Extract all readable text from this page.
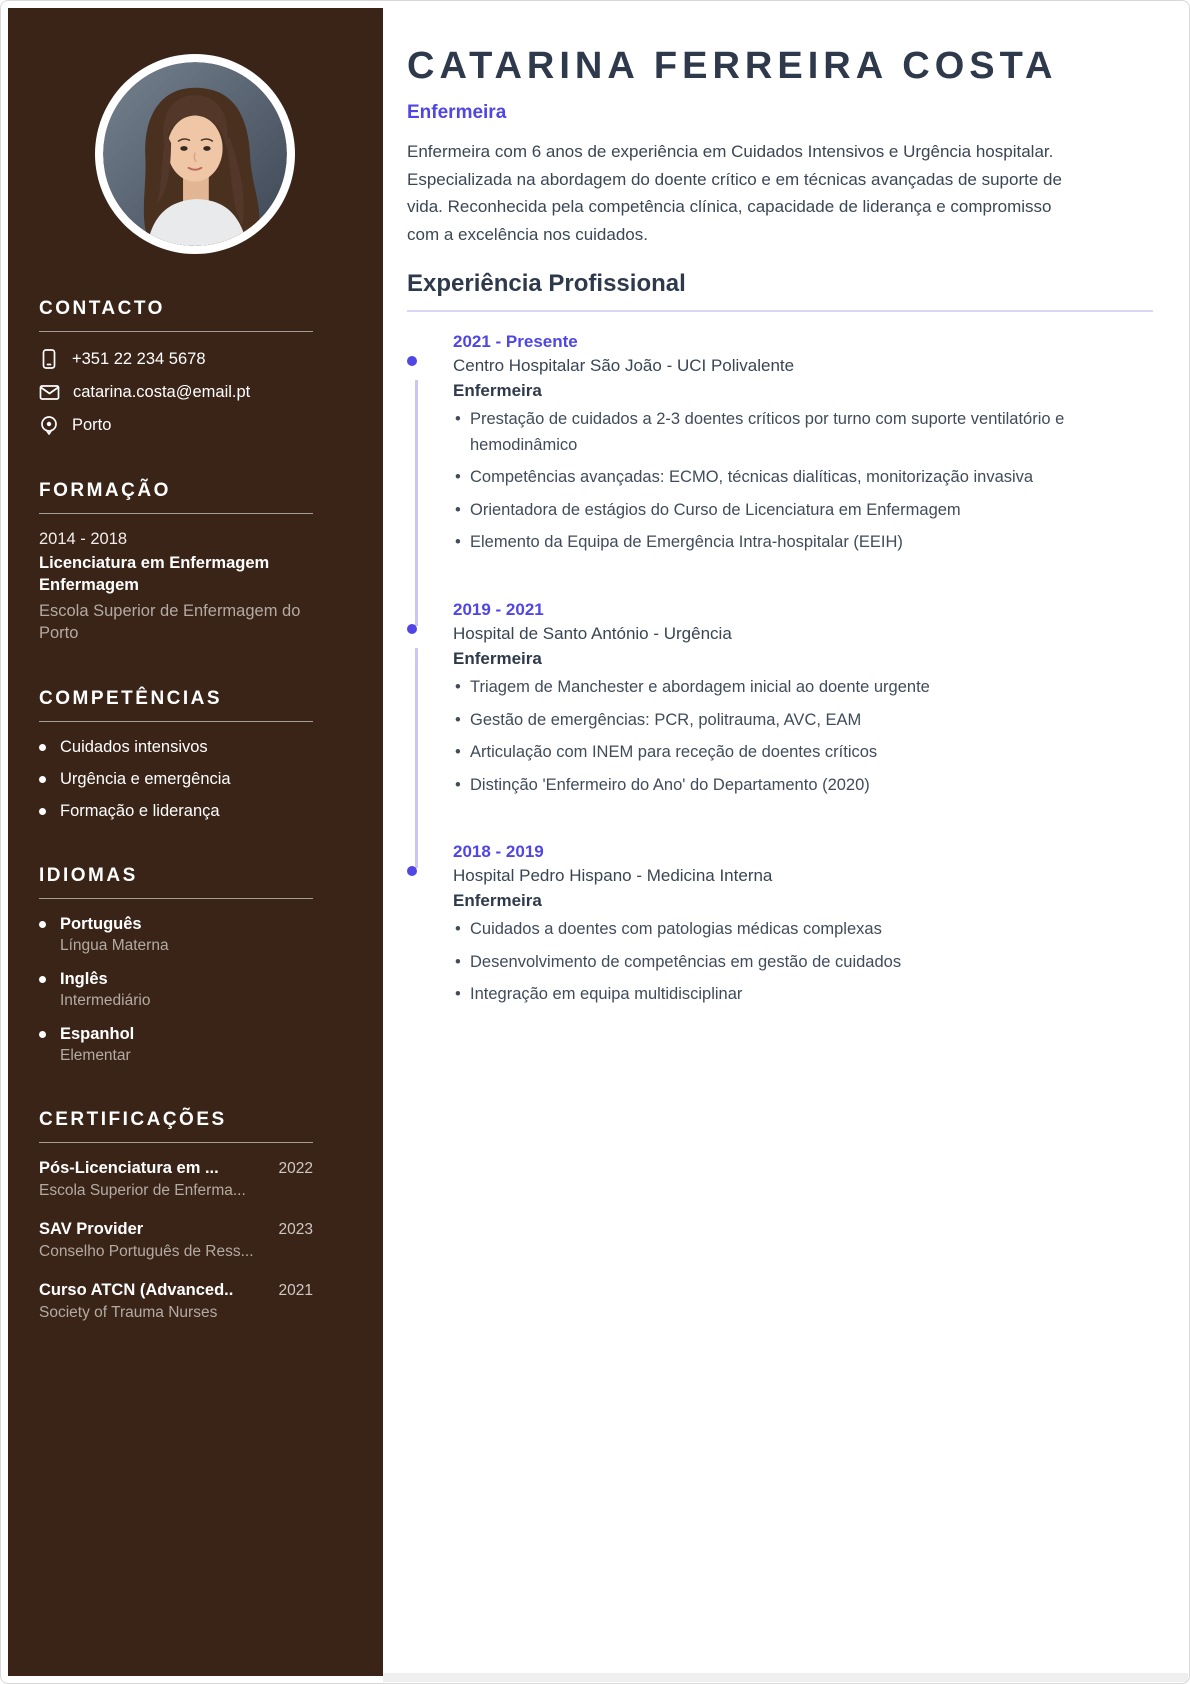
CONTACTO
+351 22 234 5678
catarina.costa@email.pt
Porto
FORMAÇÃO
2014 - 2018
Licenciatura em Enfermagem Enfermagem
Escola Superior de Enfermagem do Porto
COMPETÊNCIAS
Cuidados intensivos
Urgência e emergência
Formação e liderança
IDIOMAS
Português
Língua Materna
Inglês
Intermediário
Espanhol
Elementar
CERTIFICAÇÕES
Pós-Licenciatura em ...	2022
Escola Superior de Enferma...
SAV Provider	2023
Conselho Português de Ress...
Curso ATCN (Advanced..	2021
Society of Trauma Nurses
CATARINA FERREIRA COSTA
Enfermeira

Enfermeira com 6 anos de experiência em Cuidados Intensivos e Urgência hospitalar. Especializada na abordagem do doente crítico e em técnicas avançadas de suporte de vida. Reconhecida pela competência clínica, capacidade de liderança e compromisso com a excelência nos cuidados.

Experiência Profissional
2021 - Presente
Centro Hospitalar São João - UCI Polivalente
Enfermeira
• Prestação de cuidados a 2-3 doentes críticos por turno com suporte ventilatório e hemodinâmico
• Competências avançadas: ECMO, técnicas dialíticas, monitorização invasiva
• Orientadora de estágios do Curso de Licenciatura em Enfermagem
• Elemento da Equipa de Emergência Intra-hospitalar (EEIH)
2019 - 2021
Hospital de Santo António - Urgência
Enfermeira
• Triagem de Manchester e abordagem inicial ao doente urgente
• Gestão de emergências: PCR, politrauma, AVC, EAM
• Articulação com INEM para receção de doentes críticos
• Distinção 'Enfermeiro do Ano' do Departamento (2020)
2018 - 2019
Hospital Pedro Hispano - Medicina Interna
Enfermeira
• Cuidados a doentes com patologias médicas complexas
• Desenvolvimento de competências em gestão de cuidados
• Integração em equipa multidisciplinar
